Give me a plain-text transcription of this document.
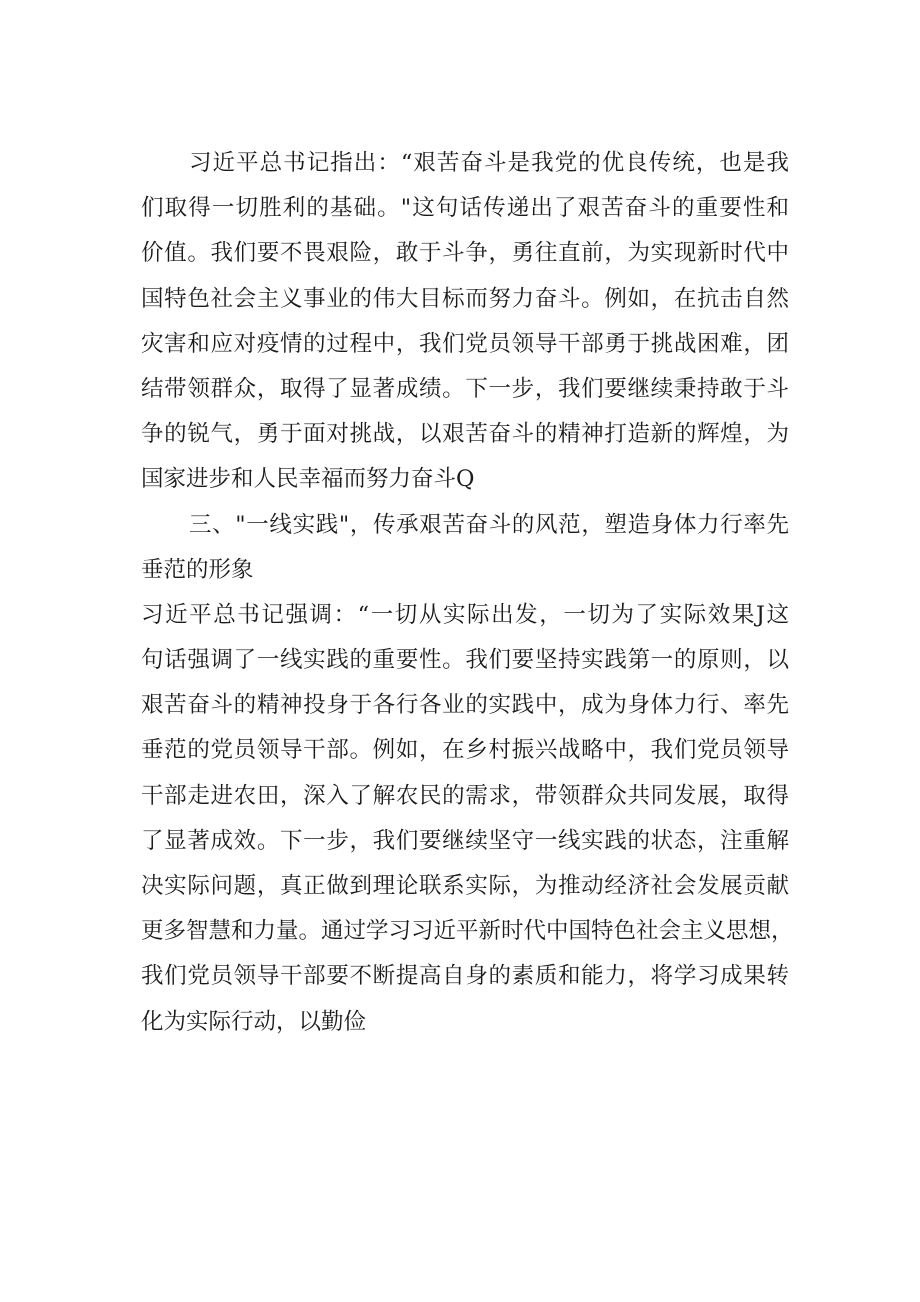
习近平总书记指出：“艰苦奋斗是我党的优良传统，也是我
们取得一切胜利的基础。"这句话传递出了艰苦奋斗的重要性和
价值。我们要不畏艰险，敢于斗争，勇往直前，为实现新时代中
国特色社会主义事业的伟大目标而努力奋斗。例如，在抗击自然
灾害和应对疫情的过程中，我们党员领导干部勇于挑战困难，团
结带领群众，取得了显著成绩。下一步，我们要继续秉持敢于斗
争的锐气，勇于面对挑战，以艰苦奋斗的精神打造新的辉煌，为
国家进步和人民幸福而努力奋斗Q
三、"一线实践"，传承艰苦奋斗的风范，塑造身体力行率先
垂范的形象
习近平总书记强调：“一切从实际出发，一切为了实际效果J这
句话强调了一线实践的重要性。我们要坚持实践第一的原则，以
艰苦奋斗的精神投身于各行各业的实践中，成为身体力行、率先
垂范的党员领导干部。例如，在乡村振兴战略中，我们党员领导
干部走进农田，深入了解农民的需求，带领群众共同发展，取得
了显著成效。下一步，我们要继续坚守一线实践的状态，注重解
决实际问题，真正做到理论联系实际，为推动经济社会发展贡献
更多智慧和力量。通过学习习近平新时代中国特色社会主义思想，
我们党员领导干部要不断提高自身的素质和能力，将学习成果转
化为实际行动，以勤俭
